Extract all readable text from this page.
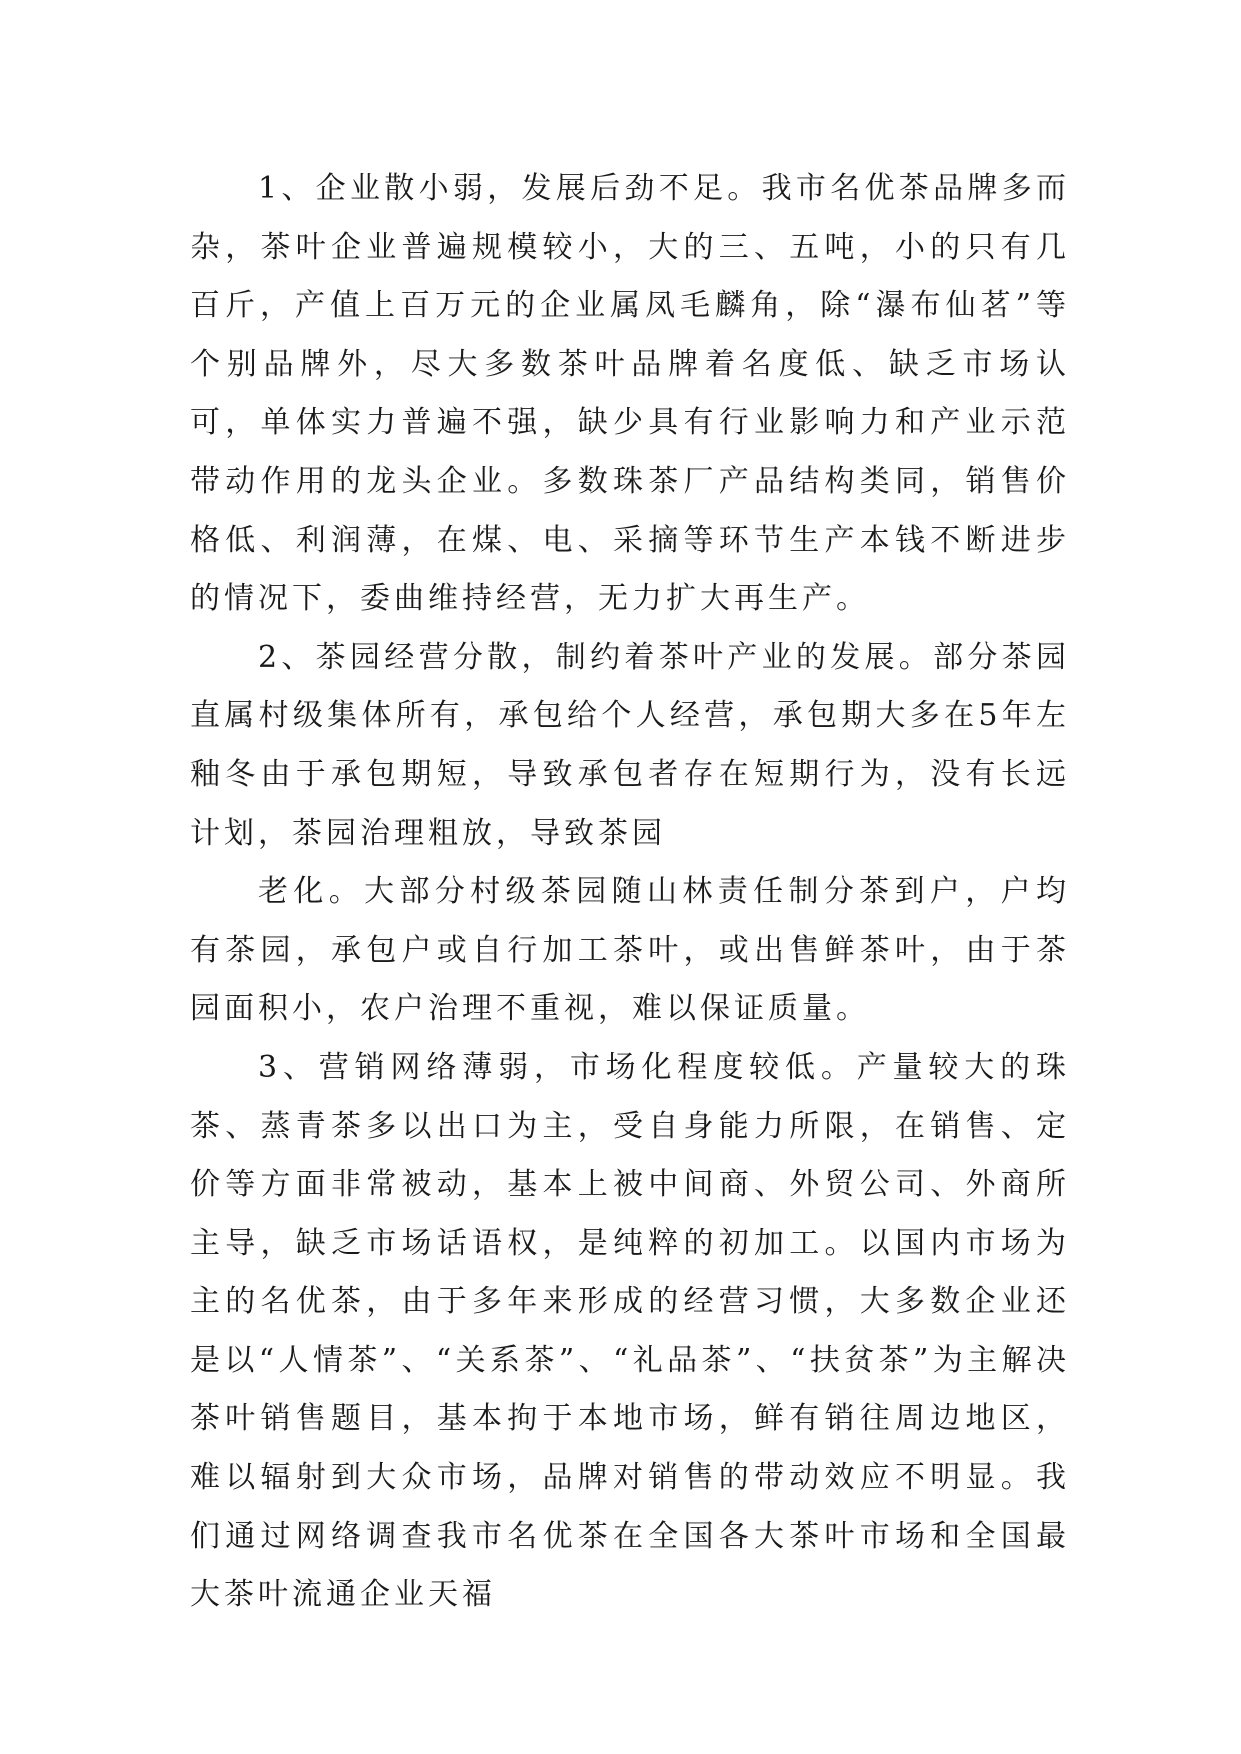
1、企业散小弱，发展后劲不足。我市名优茶品牌多而杂，茶叶企业普遍规模较小，大的三、五吨，小的只有几百斤，产值上百万元的企业属凤毛麟角，除“瀑布仙茗”等个别品牌外，尽大多数茶叶品牌着名度低、缺乏市场认可，单体实力普遍不强，缺少具有行业影响力和产业示范带动作用的龙头企业。多数珠茶厂产品结构类同，销售价格低、利润薄，在煤、电、采摘等环节生产本钱不断进步的情况下，委曲维持经营，无力扩大再生产。

2、茶园经营分散，制约着茶叶产业的发展。部分茶园直属村级集体所有，承包给个人经营，承包期大多在5年左釉冬由于承包期短，导致承包者存在短期行为，没有长远计划，茶园治理粗放，导致茶园

老化。大部分村级茶园随山林责任制分茶到户，户均有茶园，承包户或自行加工茶叶，或出售鲜茶叶，由于茶园面积小，农户治理不重视，难以保证质量。

3、营销网络薄弱，市场化程度较低。产量较大的珠茶、蒸青茶多以出口为主，受自身能力所限，在销售、定价等方面非常被动，基本上被中间商、外贸公司、外商所主导，缺乏市场话语权，是纯粹的初加工。以国内市场为主的名优茶，由于多年来形成的经营习惯，大多数企业还是以“人情茶”、“关系茶”、“礼品茶”、“扶贫茶”为主解决茶叶销售题目，基本拘于本地市场，鲜有销往周边地区，难以辐射到大众市场，品牌对销售的带动效应不明显。我们通过网络调查我市名优茶在全国各大茶叶市场和全国最大茶叶流通企业天福
